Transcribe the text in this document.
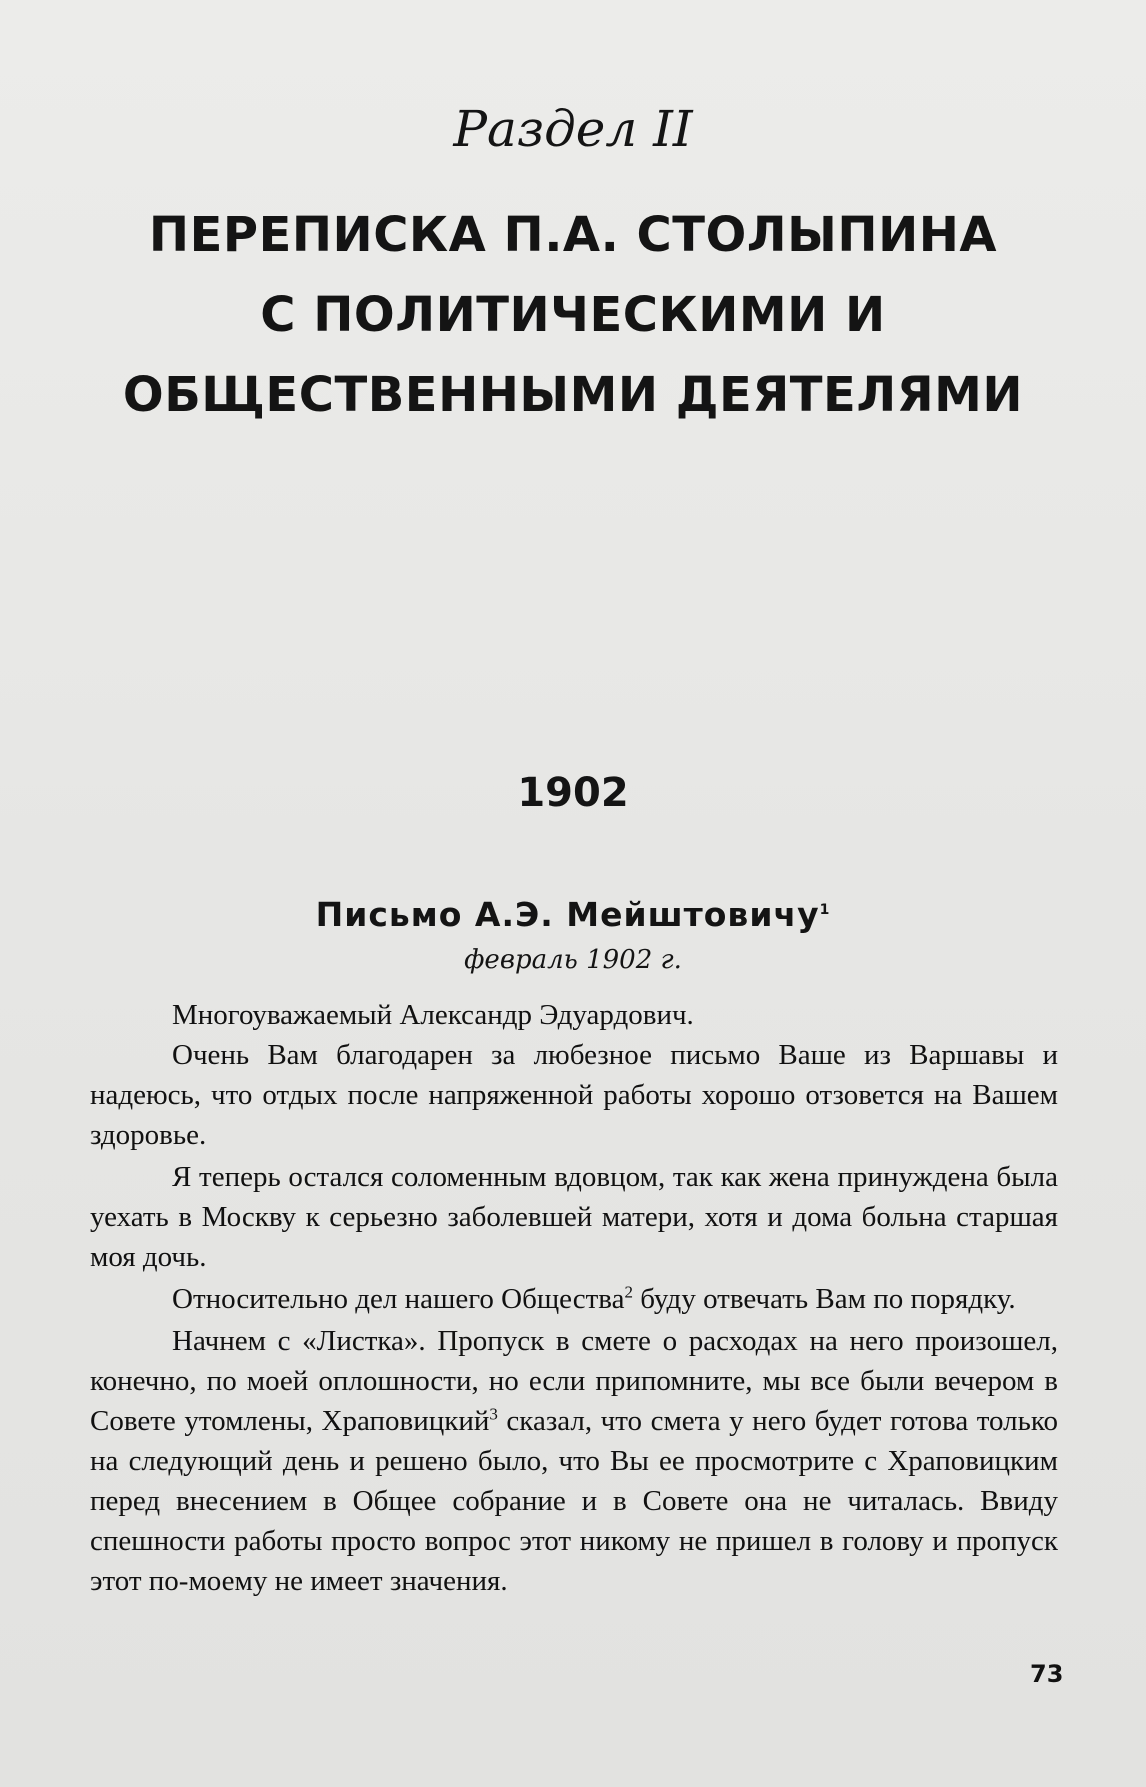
Раздел II
ПЕРЕПИСКА П.А. СТОЛЫПИНА
С ПОЛИТИЧЕСКИМИ И
ОБЩЕСТВЕННЫМИ ДЕЯТЕЛЯМИ
1902
Письмо А.Э. Мейштовичу$^1$
февраль 1902 г.

Многоуважаемый Александр Эдуардович.

Очень Вам благодарен за любезное письмо Ваше из Варшавы и надеюсь, что отдых после напряженной работы хорошо отзовется на Вашем здоровье.

Я теперь остался соломенным вдовцом, так как жена принуждена была уехать в Москву к серьезно заболевшей матери, хотя и дома больна старшая моя дочь.

Относительно дел нашего Общества$^2$ буду отвечать Вам по порядку.

Начнем с «Листка». Пропуск в смете о расходах на него произошел, конечно, по моей оплошности, но если припомните, мы все были вечером в Совете утомлены, Храповицкий$^3$ сказал, что смета у него будет готова только на следующий день и решено было, что Вы ее просмотрите с Храповицким перед внесением в Общее собрание и в Совете она не читалась. Ввиду спешности работы просто вопрос этот никому не пришел в голову и пропуск этот по-моему не имеет значения.

73
